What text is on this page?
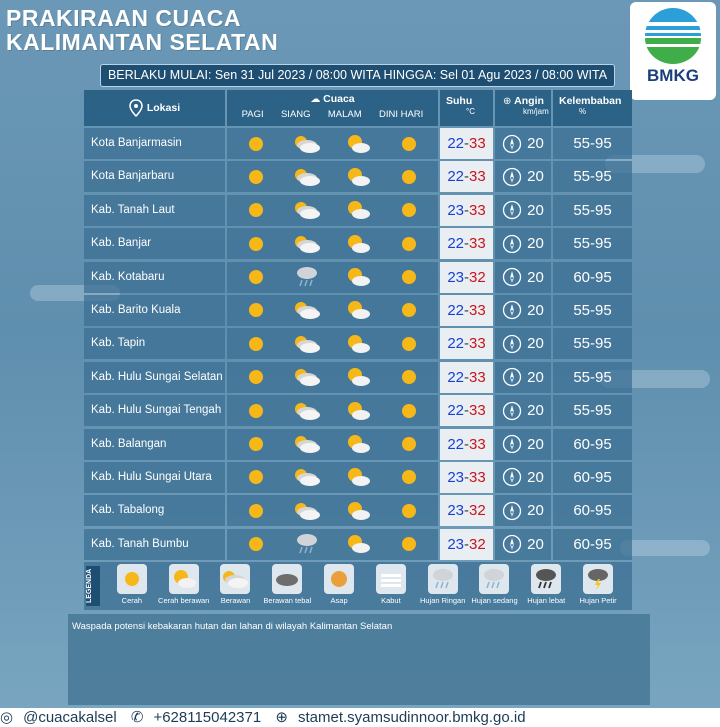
PRAKIRAAN CUACA
KALIMANTAN SELATAN
BMKG
BERLAKU MULAI: Sen 31 Jul 2023 / 08:00 WITA HINGGA: Sel 01 Agu 2023 / 08:00 WITA
Lokasi
☁ Cuaca
PAGI SIANG MALAM DINI HARI
Suhu
°C
⊕ Angin
km/jam
Kelembaban
%
Kota Banjarmasin	22 - 33	20	55-95
Kota Banjarbaru	22 - 33	20	55-95
Kab. Tanah Laut	23 - 33	20	55-95
Kab. Banjar	22 - 33	20	55-95
Kab. Kotabaru	23 - 32	20	60-95
Kab. Barito Kuala	22 - 33	20	55-95
Kab. Tapin	22 - 33	20	55-95
Kab. Hulu Sungai Selatan	22 - 33	20	55-95
Kab. Hulu Sungai Tengah	22 - 33	20	55-95
Kab. Balangan	22 - 33	20	60-95
Kab. Hulu Sungai Utara	23 - 33	20	60-95
Kab. Tabalong	23 - 32	20	60-95
Kab. Tanah Bumbu	23 - 32	20	60-95
LEGENDA	Cerah	Cerah berawan	Berawan	Berawan tebal	Asap	Kabut	Hujan Ringan Hujan sedang	Hujan lebat	Hujan Petir
Waspada potensi kebakaran hutan dan lahan di wilayah Kalimantan Selatan
◎ @cuacakalsel ✆ +628115042371 ⊕ stamet.syamsudinnoor.bmkg.go.id
